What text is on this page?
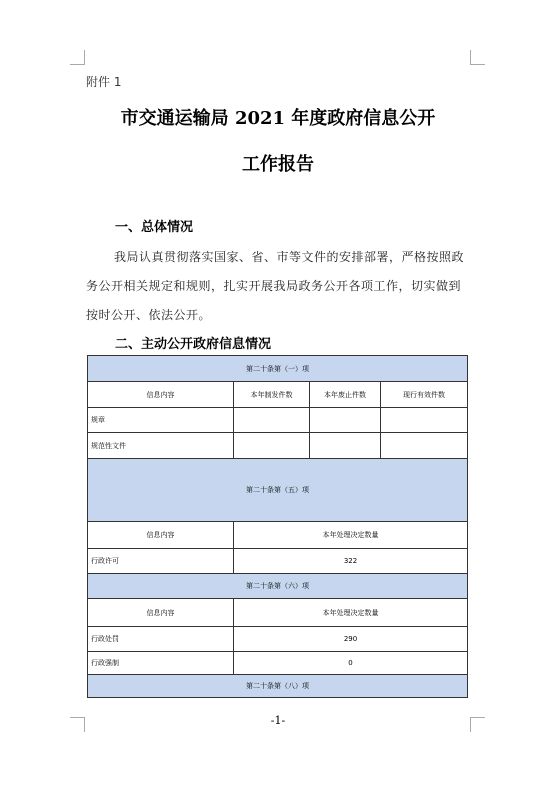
附件 1
市交通运输局 2021 年度政府信息公开
工作报告
一、总体情况
我局认真贯彻落实国家、省、市等文件的安排部署，严格按照政务公开相关规定和规则，扎实开展我局政务公开各项工作，切实做到按时公开、依法公开。
二、主动公开政府信息情况
第二十条第（一）项			
信息内容	本年制发件数	本年废止件数	现行有效件数
规章			
规范性文件			
第二十条第（五）项			
信息内容	本年处理决定数量		
行政许可	322		
第二十条第（六）项			
信息内容	本年处理决定数量		
行政处罚	290		
行政强制	0		
第二十条第（八）项			
-1-
